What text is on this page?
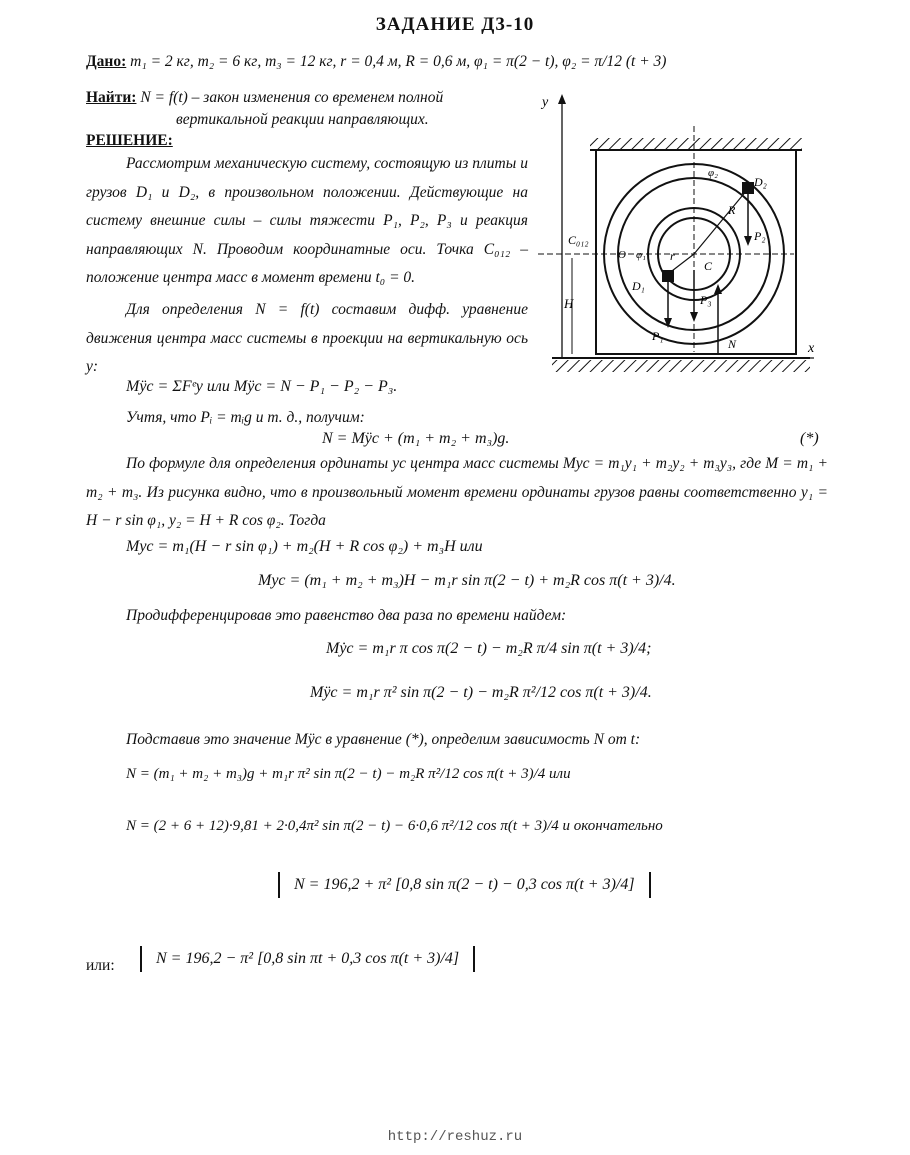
ЗАДАНИЕ Д3-10
Дано: m₁ = 2 кг, m₂ = 6 кг, m₃ = 12 кг, r = 0,4 м, R = 0,6 м, φ₁ = π(2 − t), φ₂ = π/12 (t + 3)
Найти: N = f(t) – закон изменения со временем полной
вертикальной реакции направляющих.
РЕШЕНИЕ:
Рассмотрим механическую систему, состоящую из плиты и грузов D₁ и D₂, в произвольном положении. Действующие на систему внешние силы – силы тяжести P₁, P₂, P₃ и реакция направляющих N. Проводим координатные оси. Точка C₀₁₂ – положение центра масс в момент времени t₀ = 0.
Для определения N = f(t) составим дифф. уравнение движения центра масс системы в проекции на вертикальную ось y:
y
x
C₀₁₂
H
R
r
φ₁
φ₂
D₂
D₁
C
P₂
P₃
P₁
N
O
Mÿc = ΣFᵉy или Mÿc = N − P₁ − P₂ − P₃.
Учтя, что Pᵢ = mᵢg и т. д., получим:
N = Mÿc + (m₁ + m₂ + m₃)g.	(*)
По формуле для определения ординаты yc центра масс системы Myc = m₁y₁ + m₂y₂ + m₃y₃, где M = m₁ + m₂ + m₃. Из рисунка видно, что в произвольный момент времени ординаты грузов равны соответственно y₁ = H − r sin φ₁, y₂ = H + R cos φ₂. Тогда
Myc = m₁(H − r sin φ₁) + m₂(H + R cos φ₂) + m₃H или
Myc = (m₁ + m₂ + m₃)H − m₁r sin π(2 − t) + m₂R cos π(t + 3)/4.
Продифференцировав это равенство два раза по времени найдем:
Mẏc = m₁r π cos π(2 − t) − m₂R π/4 sin π(t + 3)/4;
Mÿc = m₁r π² sin π(2 − t) − m₂R π²/12 cos π(t + 3)/4.
Подставив это значение Mÿc в уравнение (*), определим зависимость N от t:
N = (m₁ + m₂ + m₃)g + m₁r π² sin π(2 − t) − m₂R π²/12 cos π(t + 3)/4 или
N = (2 + 6 + 12)·9,81 + 2·0,4π² sin π(2 − t) − 6·0,6 π²/12 cos π(t + 3)/4 и окончательно
N = 196,2 + π² [0,8 sin π(2 − t) − 0,3 cos π(t + 3)/4]
или:	N = 196,2 − π² [0,8 sin πt + 0,3 cos π(t + 3)/4]
http://reshuz.ru
